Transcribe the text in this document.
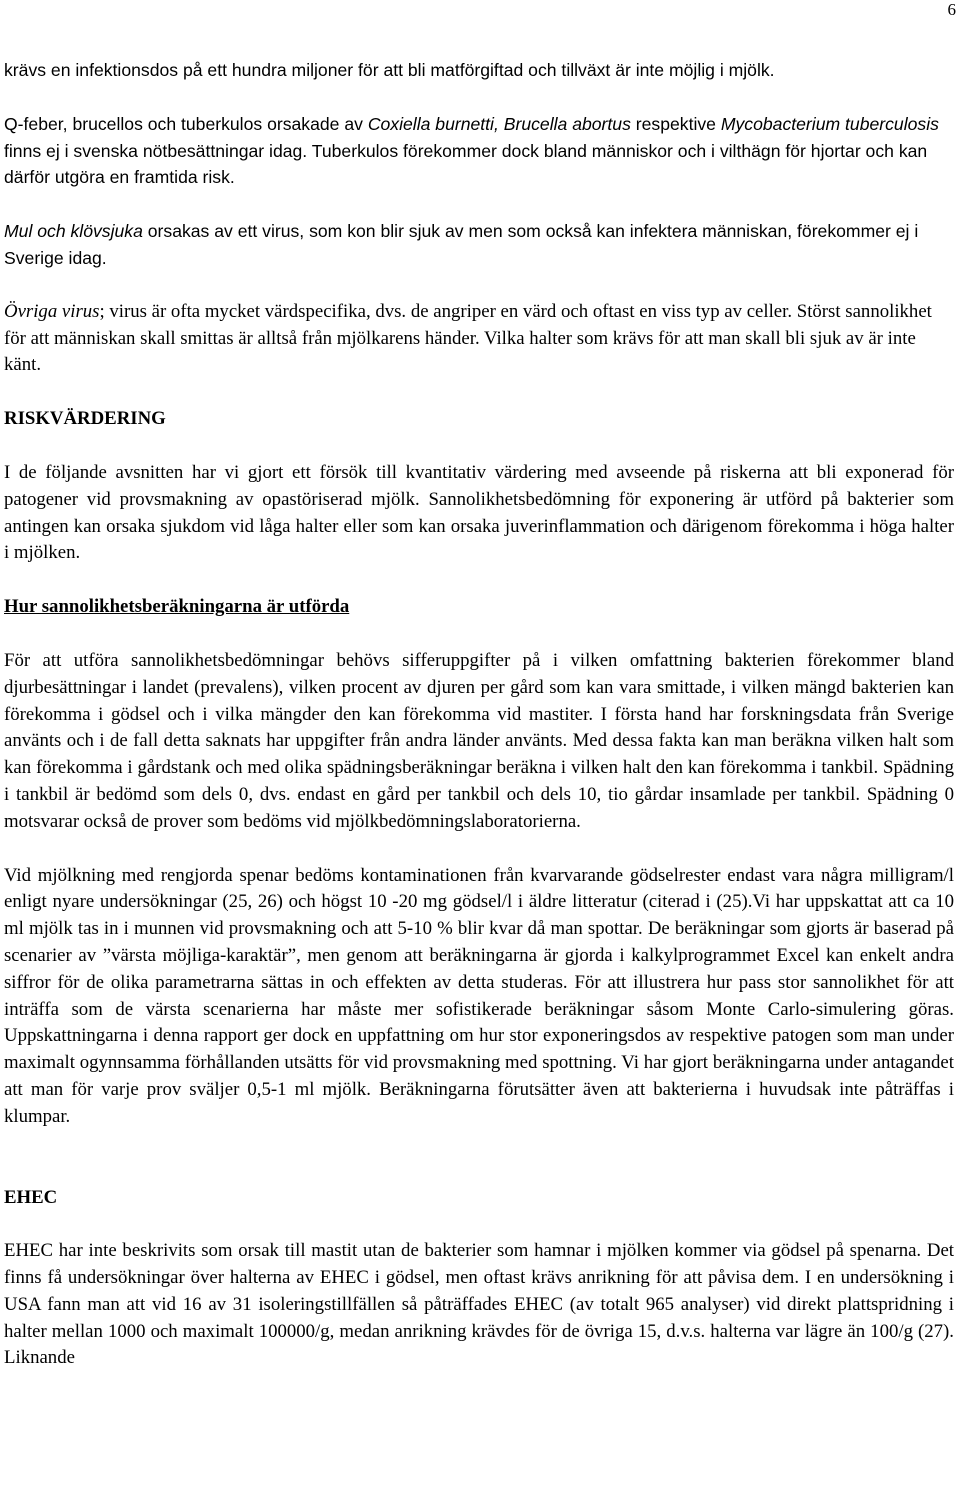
6

krävs en infektionsdos på ett hundra miljoner för att bli matförgiftad och tillväxt är inte möjlig i mjölk.

Q-feber, brucellos och tuberkulos orsakade av Coxiella burnetti, Brucella abortus respektive Mycobacterium tuberculosis finns ej i svenska nötbesättningar idag. Tuberkulos förekommer dock bland människor och i vilthägn för hjortar och kan därför utgöra en framtida risk.

Mul och klövsjuka orsakas av ett virus, som kon blir sjuk av men som också kan infektera människan, förekommer ej i Sverige idag.

Övriga virus; virus är ofta mycket värdspecifika, dvs. de angriper en värd och oftast en viss typ av celler. Störst sannolikhet för att människan skall smittas är alltså från mjölkarens händer. Vilka halter som krävs för att man skall bli sjuk av är inte känt.

RISKVÄRDERING

I de följande avsnitten har vi gjort ett försök till kvantitativ värdering med avseende på riskerna att bli exponerad för patogener vid provsmakning av opastöriserad mjölk. Sannolikhetsbedömning för exponering är utförd på bakterier som antingen kan orsaka sjukdom vid låga halter eller som kan orsaka juverinflammation och därigenom förekomma i höga halter i mjölken.

Hur sannolikhetsberäkningarna är utförda

För att utföra sannolikhetsbedömningar behövs sifferuppgifter på i vilken omfattning bakterien förekommer bland djurbesättningar i landet (prevalens), vilken procent av djuren per gård som kan vara smittade, i vilken mängd bakterien kan förekomma i gödsel och i vilka mängder den kan förekomma vid mastiter. I första hand har forskningsdata från Sverige använts och i de fall detta saknats har uppgifter från andra länder använts. Med dessa fakta kan man beräkna vilken halt som kan förekomma i gårdstank och med olika spädningsberäkningar beräkna i vilken halt den kan förekomma i tankbil. Spädning i tankbil är bedömd som dels 0, dvs. endast en gård per tankbil och dels 10, tio gårdar insamlade per tankbil. Spädning 0 motsvarar också de prover som bedöms vid mjölkbedömningslaboratorierna.

Vid mjölkning med rengjorda spenar bedöms kontaminationen från kvarvarande gödselrester endast vara några milligram/l enligt nyare undersökningar (25, 26) och högst 10 -20 mg gödsel/l i äldre litteratur (citerad i (25).Vi har uppskattat att ca 10 ml mjölk tas in i munnen vid provsmakning och att 5-10 % blir kvar då man spottar. De beräkningar som gjorts är baserad på scenarier av ”värsta möjliga-karaktär”, men genom att beräkningarna är gjorda i kalkylprogrammet Excel kan enkelt andra siffror för de olika parametrarna sättas in och effekten av detta studeras. För att illustrera hur pass stor sannolikhet för att inträffa som de värsta scenarierna har måste mer sofistikerade beräkningar såsom Monte Carlo-simulering göras. Uppskattningarna i denna rapport ger dock en uppfattning om hur stor exponeringsdos av respektive patogen som man under maximalt ogynnsamma förhållanden utsätts för vid provsmakning med spottning. Vi har gjort beräkningarna under antagandet att man för varje prov sväljer 0,5-1 ml mjölk. Beräkningarna förutsätter även att bakterierna i huvudsak inte påträffas i klumpar.

EHEC

EHEC har inte beskrivits som orsak till mastit utan de bakterier som hamnar i mjölken kommer via gödsel på spenarna. Det finns få undersökningar över halterna av EHEC i gödsel, men oftast krävs anrikning för att påvisa dem. I en undersökning i USA fann man att vid 16 av 31 isoleringstillfällen så påträffades EHEC (av totalt 965 analyser) vid direkt plattspridning i halter mellan 1000 och maximalt 100000/g, medan anrikning krävdes för de övriga 15, d.v.s. halterna var lägre än 100/g (27). Liknande
